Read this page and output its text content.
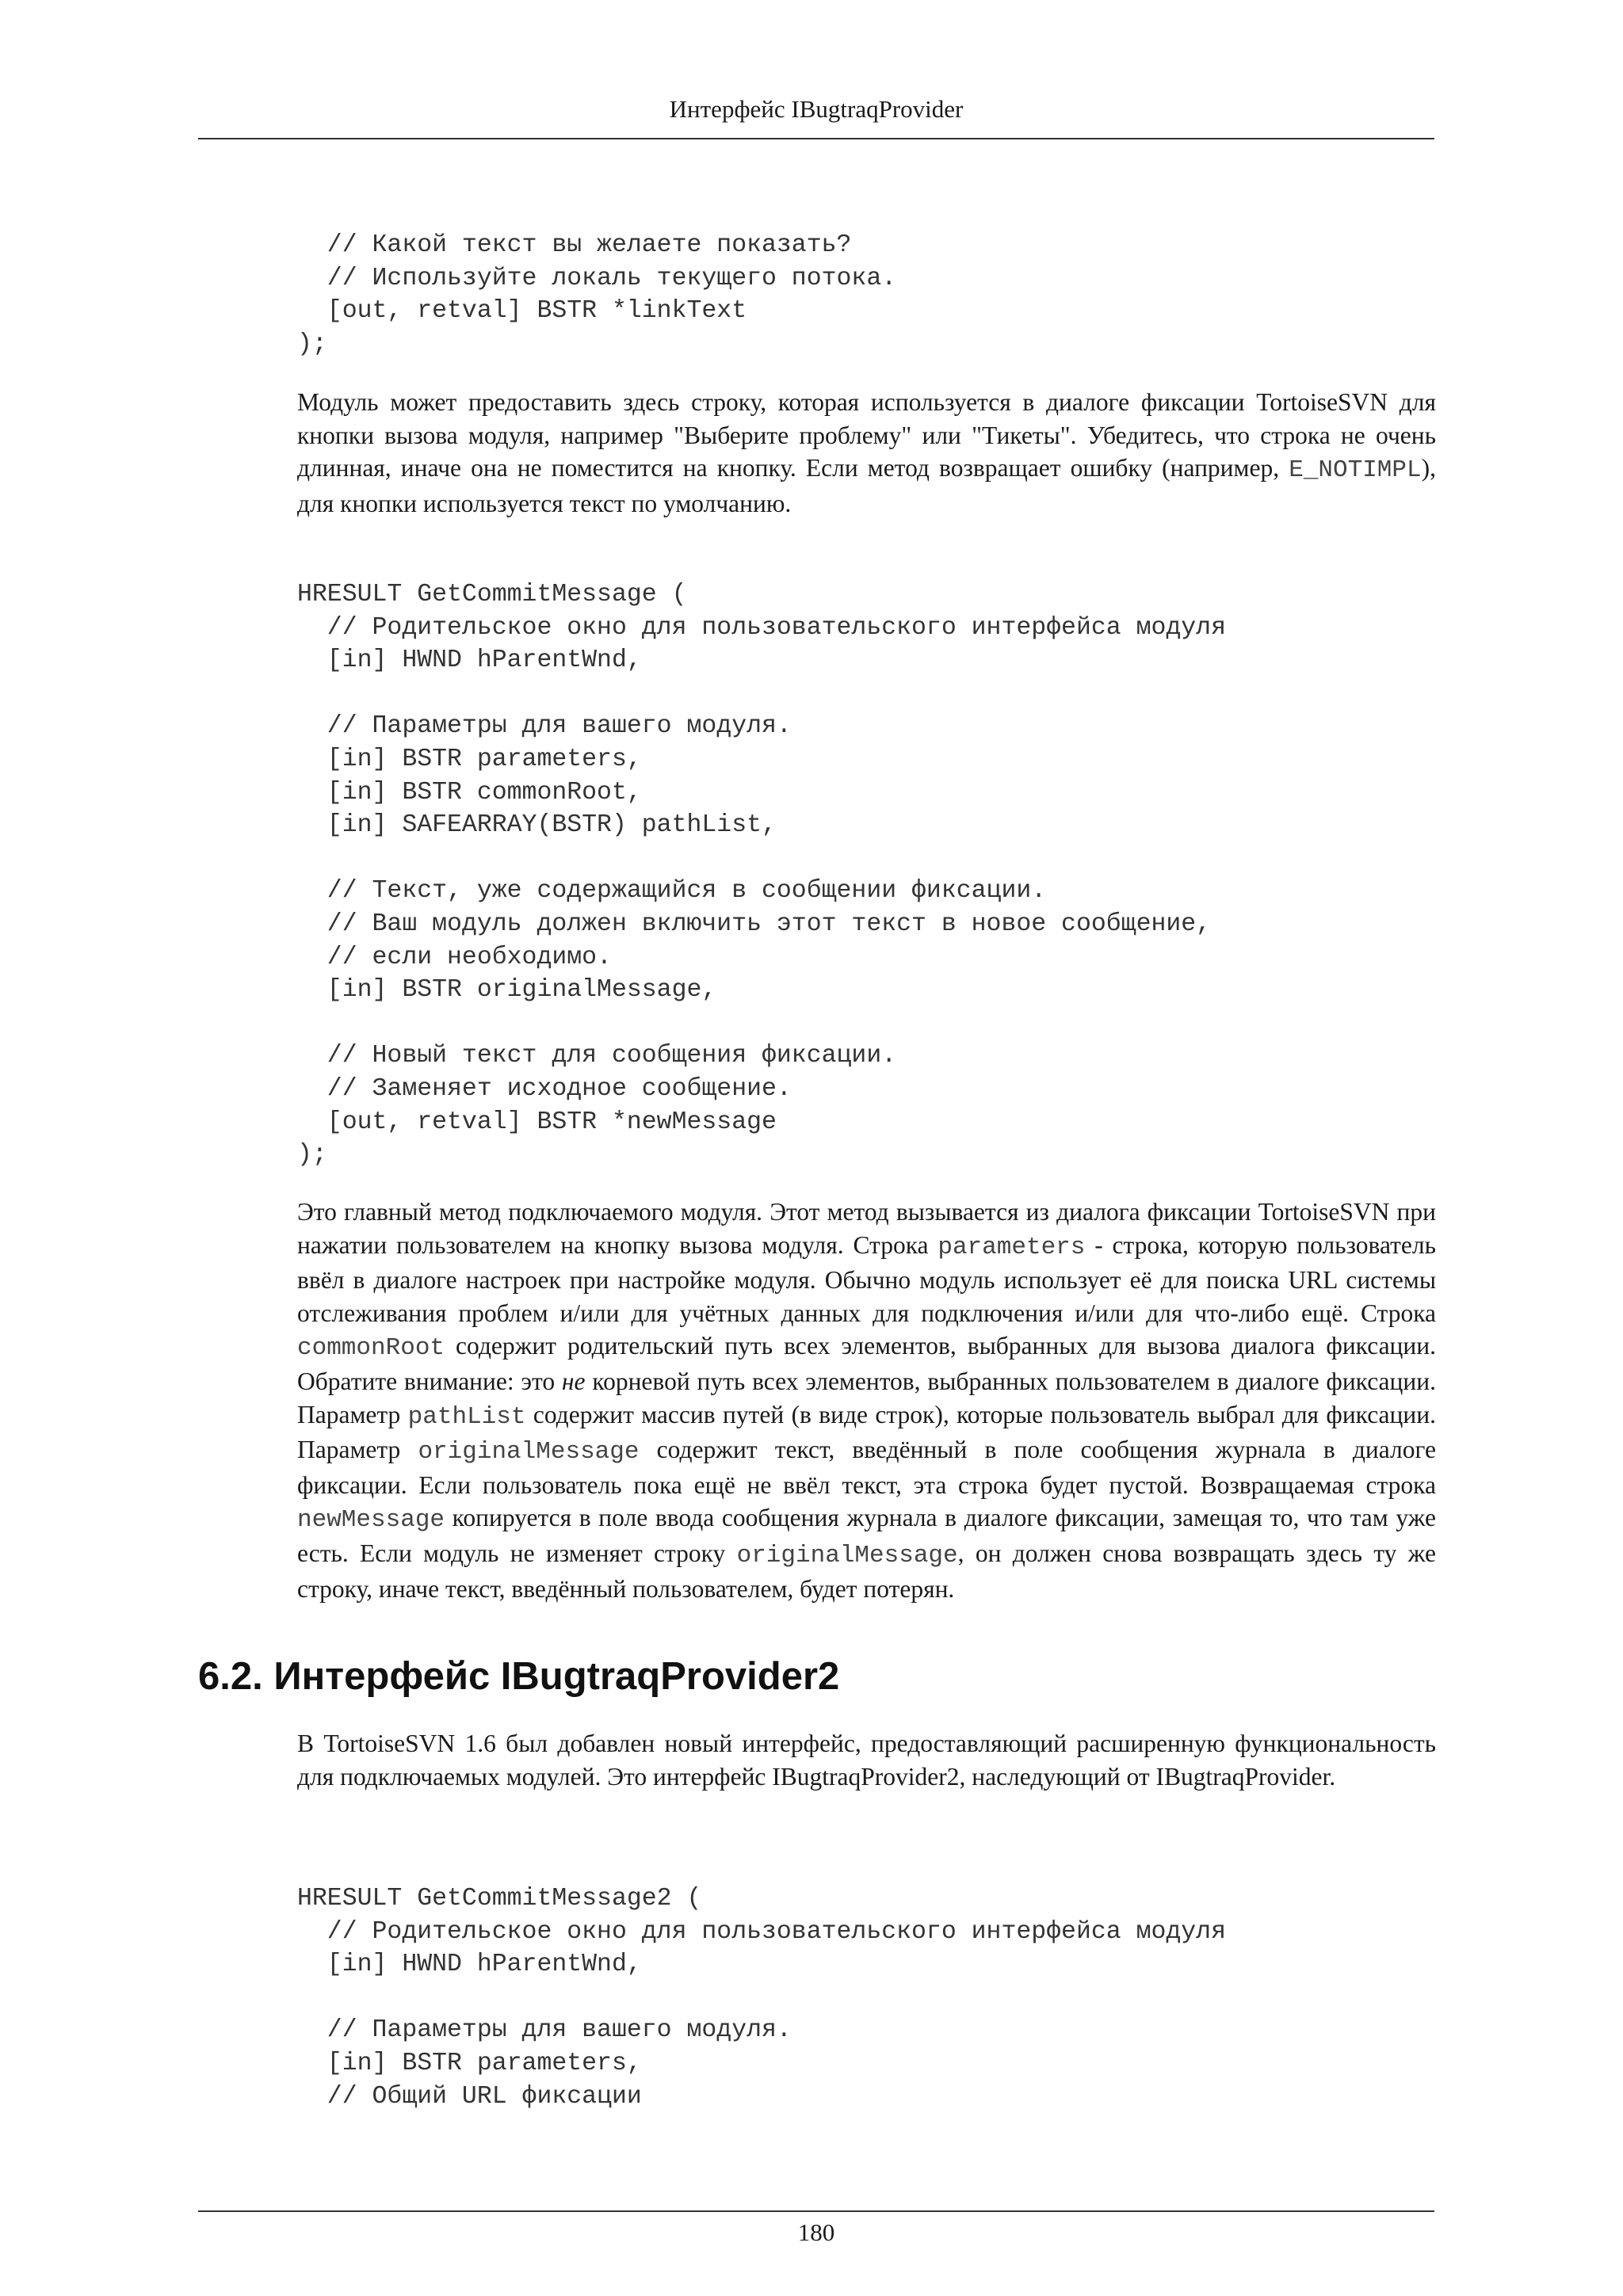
Интерфейс IBugtraqProvider
// Какой текст вы желаете показать?
// Используйте локаль текущего потока.
[out, retval] BSTR *linkText
);

Модуль может предоставить здесь строку, которая используется в диалоге фиксации TortoiseSVN для кнопки вызова модуля, например "Выберите проблему" или "Тикеты". Убедитесь, что строка не очень длинная, иначе она не поместится на кнопку. Если метод возвращает ошибку (например, E_NOTIMPL), для кнопки используется текст по умолчанию.

HRESULT GetCommitMessage (
// Родительское окно для пользовательского интерфейса модуля
[in] HWND hParentWnd,

// Параметры для вашего модуля.
[in] BSTR parameters,
[in] BSTR commonRoot,
[in] SAFEARRAY(BSTR) pathList,

// Текст, уже содержащийся в сообщении фиксации.
// Ваш модуль должен включить этот текст в новое сообщение,
// если необходимо.
[in] BSTR originalMessage,

// Новый текст для сообщения фиксации.
// Заменяет исходное сообщение.
[out, retval] BSTR *newMessage
);

Это главный метод подключаемого модуля. Этот метод вызывается из диалога фиксации TortoiseSVN при нажатии пользователем на кнопку вызова модуля. Строка parameters - строка, которую пользователь ввёл в диалоге настроек при настройке модуля. Обычно модуль использует её для поиска URL системы отслеживания проблем и/или для учётных данных для подключения и/или для что-либо ещё. Строка commonRoot содержит родительский путь всех элементов, выбранных для вызова диалога фиксации. Обратите внимание: это не корневой путь всех элементов, выбранных пользователем в диалоге фиксации. Параметр pathList содержит массив путей (в виде строк), которые пользователь выбрал для фиксации. Параметр originalMessage содержит текст, введённый в поле сообщения журнала в диалоге фиксации. Если пользователь пока ещё не ввёл текст, эта строка будет пустой. Возвращаемая строка newMessage копируется в поле ввода сообщения журнала в диалоге фиксации, замещая то, что там уже есть. Если модуль не изменяет строку originalMessage, он должен снова возвращать здесь ту же строку, иначе текст, введённый пользователем, будет потерян.

6.2. Интерфейс IBugtraqProvider2

В TortoiseSVN 1.6 был добавлен новый интерфейс, предоставляющий расширенную функциональность для подключаемых модулей. Это интерфейс IBugtraqProvider2, наследующий от IBugtraqProvider.

HRESULT GetCommitMessage2 (
// Родительское окно для пользовательского интерфейса модуля
[in] HWND hParentWnd,

// Параметры для вашего модуля.
[in] BSTR parameters,
// Общий URL фиксации
180
